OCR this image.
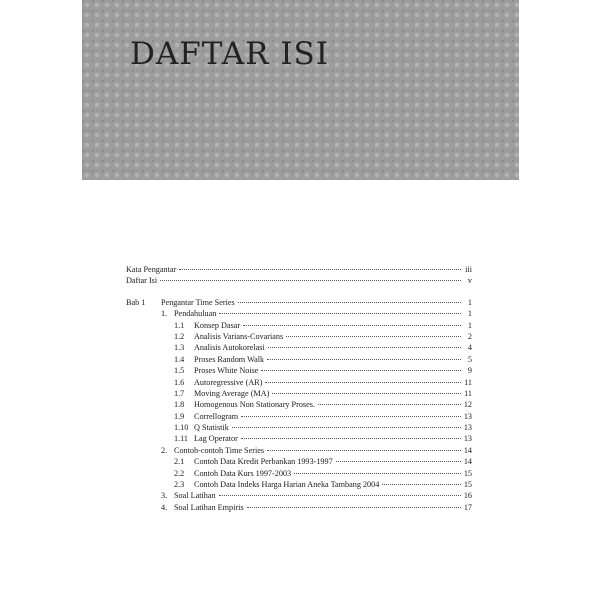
DAFTAR ISI
Kata Pengantar	iii
Daftar Isi	v
Bab 1	Pengantar Time Series	1
1. Pendahuluan	1
1.1	Konsep Dasar	1
1.2	Analisis Varians-Covarians	2
1.3	Analisis Autokorelasi	4
1.4	Proses Random Walk	5
1.5	Proses White Noise	9
1.6	Autoregressive (AR)	11
1.7	Moving Average (MA)	11
1.8	Homogenous Non Stationary Proses.	12
1.9	Correllogram	13
1.10 Q Statistik	13
1.11 Lag Operator	13
2. Contoh-contoh Time Series	14
2.1	Contoh Data Kredit Perbankan 1993-1997	14
2.2	Contoh Data Kurs 1997-2003	15
2.3	Contoh Data Indeks Harga Harian Aneka Tambang 2004	15
3. Soal Latihan	16
4. Soal Latihan Empiris	17
